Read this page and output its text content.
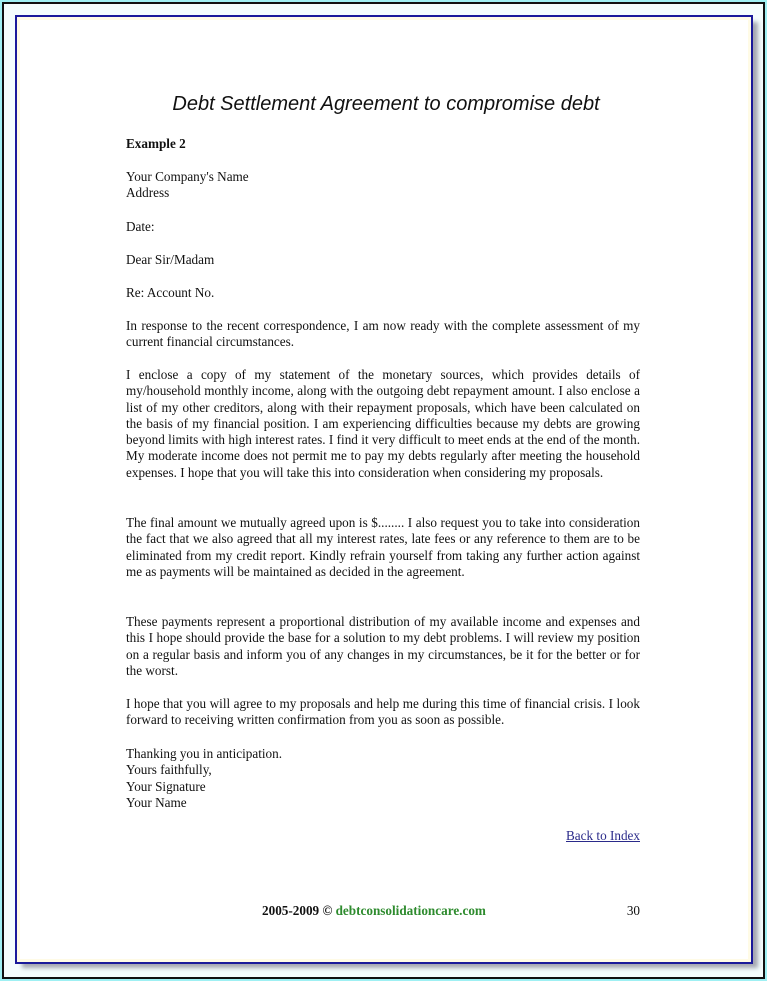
Debt Settlement Agreement to compromise debt
Example 2
Your Company's Name
Address
Date:
Dear Sir/Madam
Re: Account No.
In response to the recent correspondence, I am now ready with the complete assessment of my current financial circumstances.
I enclose a copy of my statement of the monetary sources, which provides details of my/household monthly income, along with the outgoing debt repayment amount. I also enclose a list of my other creditors, along with their repayment proposals, which have been calculated on the basis of my financial position. I am experiencing difficulties because my debts are growing beyond limits with high interest rates. I find it very difficult to meet ends at the end of the month. My moderate income does not permit me to pay my debts regularly after meeting the household expenses. I hope that you will take this into consideration when considering my proposals.
The final amount we mutually agreed upon is $........ I also request you to take into consideration the fact that we also agreed that all my interest rates, late fees or any reference to them are to be eliminated from my credit report. Kindly refrain yourself from taking any further action against me as payments will be maintained as decided in the agreement.
These payments represent a proportional distribution of my available income and expenses and this I hope should provide the base for a solution to my debt problems. I will review my position on a regular basis and inform you of any changes in my circumstances, be it for the better or for the worst.
I hope that you will agree to my proposals and help me during this time of financial crisis. I look forward to receiving written confirmation from you as soon as possible.
Thanking you in anticipation.
Yours faithfully,
Your Signature
Your Name
Back to Index
2005-2009 © debtconsolidationcare.com	30
